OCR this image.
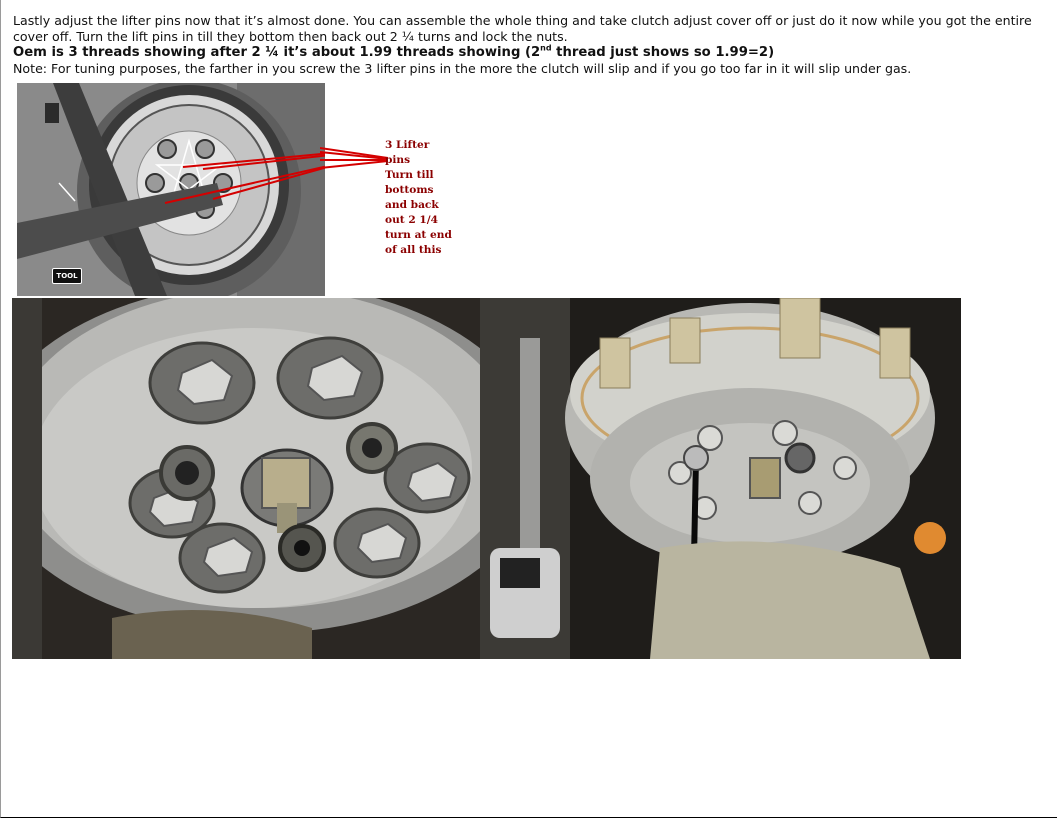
Lastly adjust the lifter pins now that it’s almost done. You can assemble the whole thing and take clutch adjust cover off or just do it now while you got the entire cover off. Turn the lift pins in till they bottom then back out 2 ¼ turns and lock the nuts.

Oem is 3 threads showing after 2 ¼ it’s about 1.99 threads showing (2nd thread just shows so 1.99=2)

Note: For tuning purposes, the farther in you screw the 3 lifter pins in the more the clutch will slip and if you go too far in it will slip under gas.

TOOL
3 Lifter
pins
Turn till
bottoms
and back
out 2 1/4
turn at end
of all this
